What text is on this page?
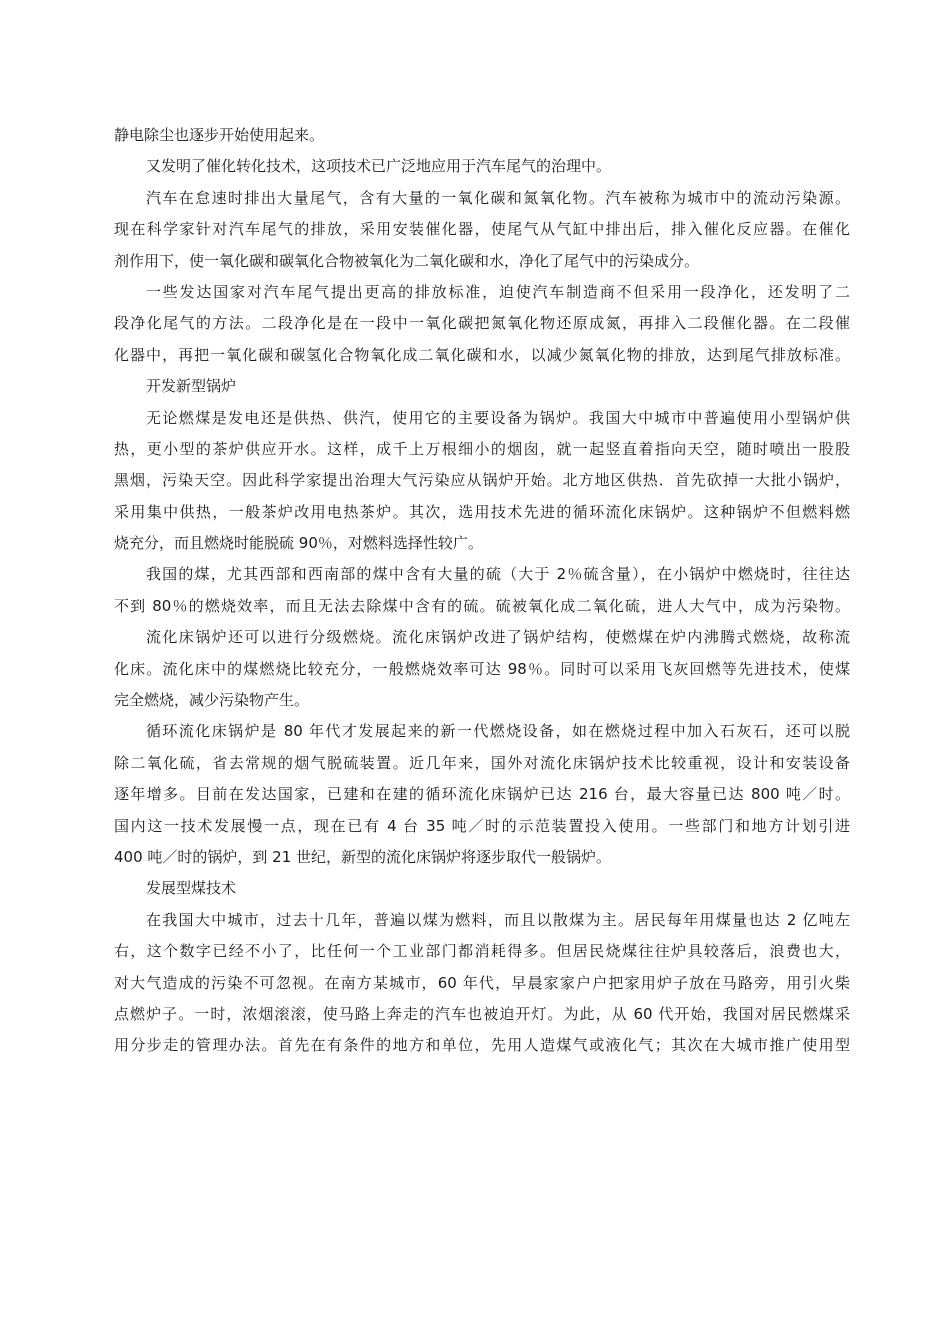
静电除尘也逐步开始使用起来。
又发明了催化转化技术，这项技术已广泛地应用于汽车尾气的治理中。
汽车在怠速时排出大量尾气，含有大量的一氧化碳和氮氧化物。汽车被称为城市中的流动污染源。
现在科学家针对汽车尾气的排放，采用安装催化器，使尾气从气缸中排出后，排入催化反应器。在催化
剂作用下，使一氧化碳和碳氧化合物被氧化为二氧化碳和水，净化了尾气中的污染成分。
一些发达国家对汽车尾气提出更高的排放标准，迫使汽车制造商不但采用一段净化，还发明了二
段净化尾气的方法。二段净化是在一段中一氧化碳把氮氧化物还原成氮，再排入二段催化器。在二段催
化器中，再把一氧化碳和碳氢化合物氧化成二氧化碳和水，以减少氮氧化物的排放，达到尾气排放标准。
开发新型锅炉
无论燃煤是发电还是供热、供汽，使用它的主要设备为锅炉。我国大中城市中普遍使用小型锅炉供
热，更小型的茶炉供应开水。这样，成千上万根细小的烟囱，就一起竖直着指向天空，随时喷出一股股
黑烟，污染天空。因此科学家提出治理大气污染应从锅炉开始。北方地区供热．首先砍掉一大批小锅炉，
采用集中供热，一般茶炉改用电热茶炉。其次，选用技术先进的循环流化床锅炉。这种锅炉不但燃料燃
烧充分，而且燃烧时能脱硫 90％，对燃料选择性较广。
我国的煤，尤其西部和西南部的煤中含有大量的硫（大于 2％硫含量），在小锅炉中燃烧时，往往达
不到 80％的燃烧效率，而且无法去除煤中含有的硫。硫被氧化成二氧化硫，进人大气中，成为污染物。
流化床锅炉还可以进行分级燃烧。流化床锅炉改进了锅炉结构，使燃煤在炉内沸腾式燃烧，故称流
化床。流化床中的煤燃烧比较充分，一般燃烧效率可达 98％。同时可以采用飞灰回燃等先进技术，使煤
完全燃烧，减少污染物产生。
循环流化床锅炉是 80 年代才发展起来的新一代燃烧设备，如在燃烧过程中加入石灰石，还可以脱
除二氧化硫，省去常规的烟气脱硫装置。近几年来，国外对流化床锅炉技术比较重视，设计和安装设备
逐年增多。目前在发达国家，已建和在建的循环流化床锅炉已达 216 台，最大容量已达 800 吨／时。
国内这一技术发展慢一点，现在已有 4 台 35 吨／时的示范装置投入使用。一些部门和地方计划引进
400 吨／时的锅炉，到 21 世纪，新型的流化床锅炉将逐步取代一般锅炉。
发展型煤技术
在我国大中城市，过去十几年，普遍以煤为燃料，而且以散煤为主。居民每年用煤量也达 2 亿吨左
右，这个数字已经不小了，比任何一个工业部门都消耗得多。但居民烧煤往往炉具较落后，浪费也大，
对大气造成的污染不可忽视。在南方某城市，60 年代，早晨家家户户把家用炉子放在马路旁，用引火柴
点燃炉子。一时，浓烟滚滚，使马路上奔走的汽车也被迫开灯。为此，从 60 代开始，我国对居民燃煤采
用分步走的管理办法。首先在有条件的地方和单位，先用人造煤气或液化气；其次在大城市推广使用型
